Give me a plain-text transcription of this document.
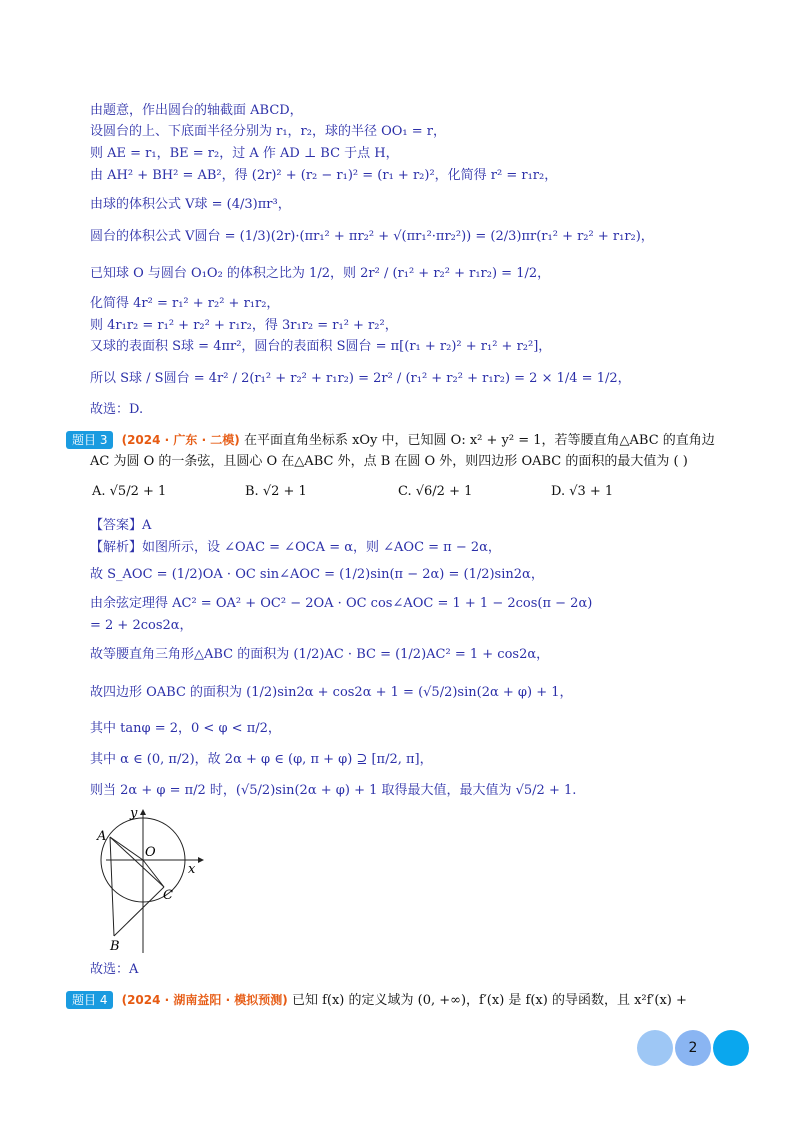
由题意，作出圆台的轴截面 ABCD，
设圆台的上、下底面半径分别为 r₁，r₂，球的半径 OO₁ = r，
则 AE = r₁，BE = r₂，过 A 作 AD ⊥ BC 于点 H，
由 AH² + BH² = AB²，得 (2r)² + (r₂ − r₁)² = (r₁ + r₂)²，化简得 r² = r₁r₂，
由球的体积公式 V球 = (4/3)πr³，
圆台的体积公式 V圆台 = (1/3)(2r)·(πr₁² + πr₂² + √(πr₁²·πr₂²)) = (2/3)πr(r₁² + r₂² + r₁r₂)，
已知球 O 与圆台 O₁O₂ 的体积之比为 1/2，则 2r² / (r₁² + r₂² + r₁r₂) = 1/2，
化简得 4r² = r₁² + r₂² + r₁r₂，
则 4r₁r₂ = r₁² + r₂² + r₁r₂，得 3r₁r₂ = r₁² + r₂²，
又球的表面积 S球 = 4πr²，圆台的表面积 S圆台 = π[(r₁ + r₂)² + r₁² + r₂²]，
所以 S球 / S圆台 = 4r² / 2(r₁² + r₂² + r₁r₂) = 2r² / (r₁² + r₂² + r₁r₂) = 2 × 1/4 = 1/2，
故选：D.
题目 3 (2024 · 广东 · 二模) 在平面直角坐标系 xOy 中，已知圆 O: x² + y² = 1，若等腰直角△ABC 的直角边
AC 为圆 O 的一条弦，且圆心 O 在△ABC 外，点 B 在圆 O 外，则四边形 OABC 的面积的最大值为 ( )
A. √5/2 + 1	B. √2 + 1	C. √6/2 + 1	D. √3 + 1
【答案】A
【解析】如图所示，设 ∠OAC = ∠OCA = α，则 ∠AOC = π − 2α，
故 S_AOC = (1/2)OA · OC sin∠AOC = (1/2)sin(π − 2α) = (1/2)sin2α，
由余弦定理得 AC² = OA² + OC² − 2OA · OC cos∠AOC = 1 + 1 − 2cos(π − 2α)
= 2 + 2cos2α，
故等腰直角三角形△ABC 的面积为 (1/2)AC · BC = (1/2)AC² = 1 + cos2α，
故四边形 OABC 的面积为 (1/2)sin2α + cos2α + 1 = (√5/2)sin(2α + φ) + 1，
其中 tanφ = 2，0 < φ < π/2，
其中 α ∈ (0, π/2)，故 2α + φ ∈ (φ, π + φ) ⊇ [π/2, π]，
则当 2α + φ = π/2 时，(√5/2)sin(2α + φ) + 1 取得最大值，最大值为 √5/2 + 1.
y
x
O
A
B
C
故选：A
题目 4 (2024 · 湖南益阳 · 模拟预测) 已知 f(x) 的定义域为 (0, +∞)，f′(x) 是 f(x) 的导函数，且 x²f′(x) +
2
